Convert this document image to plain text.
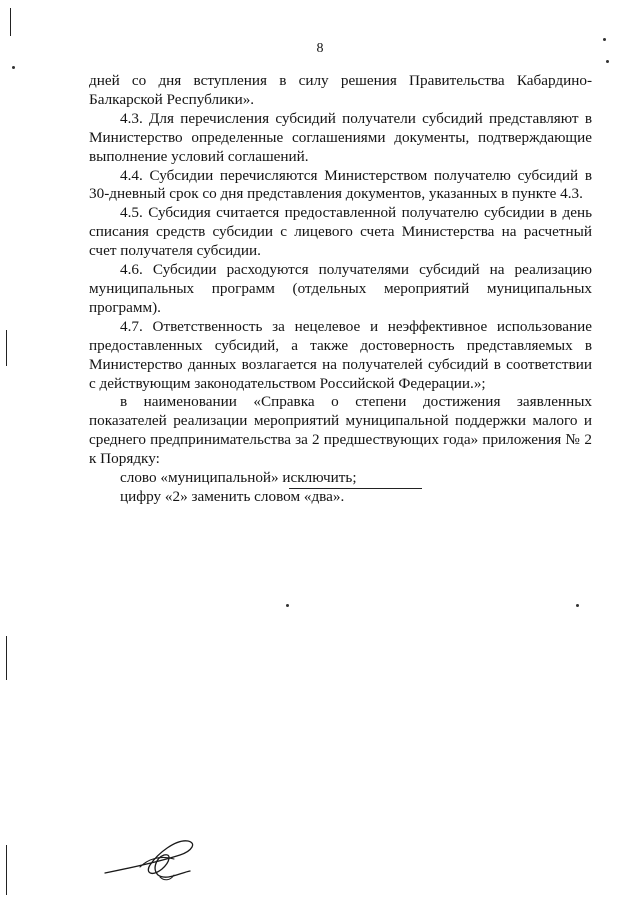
8

дней со дня вступления в силу решения Правительства Кабардино-Балкарской Республики».

4.3. Для перечисления субсидий получатели субсидий представляют в Министерство определенные соглашениями документы, подтверждающие выполнение условий соглашений.

4.4. Субсидии перечисляются Министерством получателю субсидий в 30-дневный срок со дня представления документов, указанных в пункте 4.3.

4.5. Субсидия считается предоставленной получателю субсидии в день списания средств субсидии с лицевого счета Министерства на расчетный счет получателя субсидии.

4.6. Субсидии расходуются получателями субсидий на реализацию муниципальных программ (отдельных мероприятий муниципальных программ).

4.7. Ответственность за нецелевое и неэффективное использование предоставленных субсидий, а также достоверность представляемых в Министерство данных возлагается на получателей субсидий в соответствии с действующим законодательством Российской Федерации.»;

в наименовании «Справка о степени достижения заявленных показателей реализации мероприятий муниципальной поддержки малого и среднего предпринимательства за 2 предшествующих года» приложения № 2 к Порядку:

слово «муниципальной» исключить;

цифру «2» заменить словом «два».
